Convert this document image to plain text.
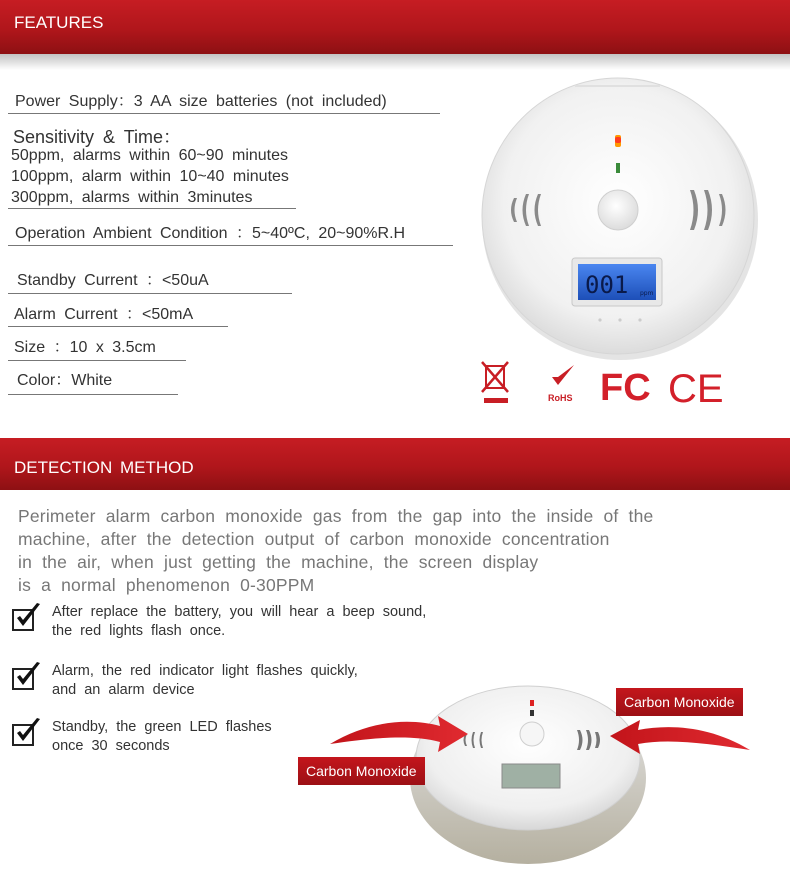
FEATURES
Power Supply：3 AA size batteries (not included)
Sensitivity & Time：
50ppm, alarms within 60~90 minutes
100ppm, alarm within 10~40 minutes
300ppm, alarms within 3minutes
Operation Ambient Condition ：5~40ºC, 20~90%R.H
Standby Current ：<50uA
Alarm Current ：<50mA
Size ：10 x 3.5cm
Color：White
001 ppm
RoHS FC CE
DETECTION METHOD
Perimeter alarm carbon monoxide gas from the gap into the inside of the
machine, after the detection output of carbon monoxide concentration
in the air, when just getting the machine, the screen display
is a normal phenomenon 0-30PPM
After replace the battery, you will hear a beep sound,
the red lights flash once.
Alarm, the red indicator light flashes quickly,
and an alarm device
Standby, the green LED flashes
once 30 seconds
Carbon Monoxide
Carbon Monoxide
